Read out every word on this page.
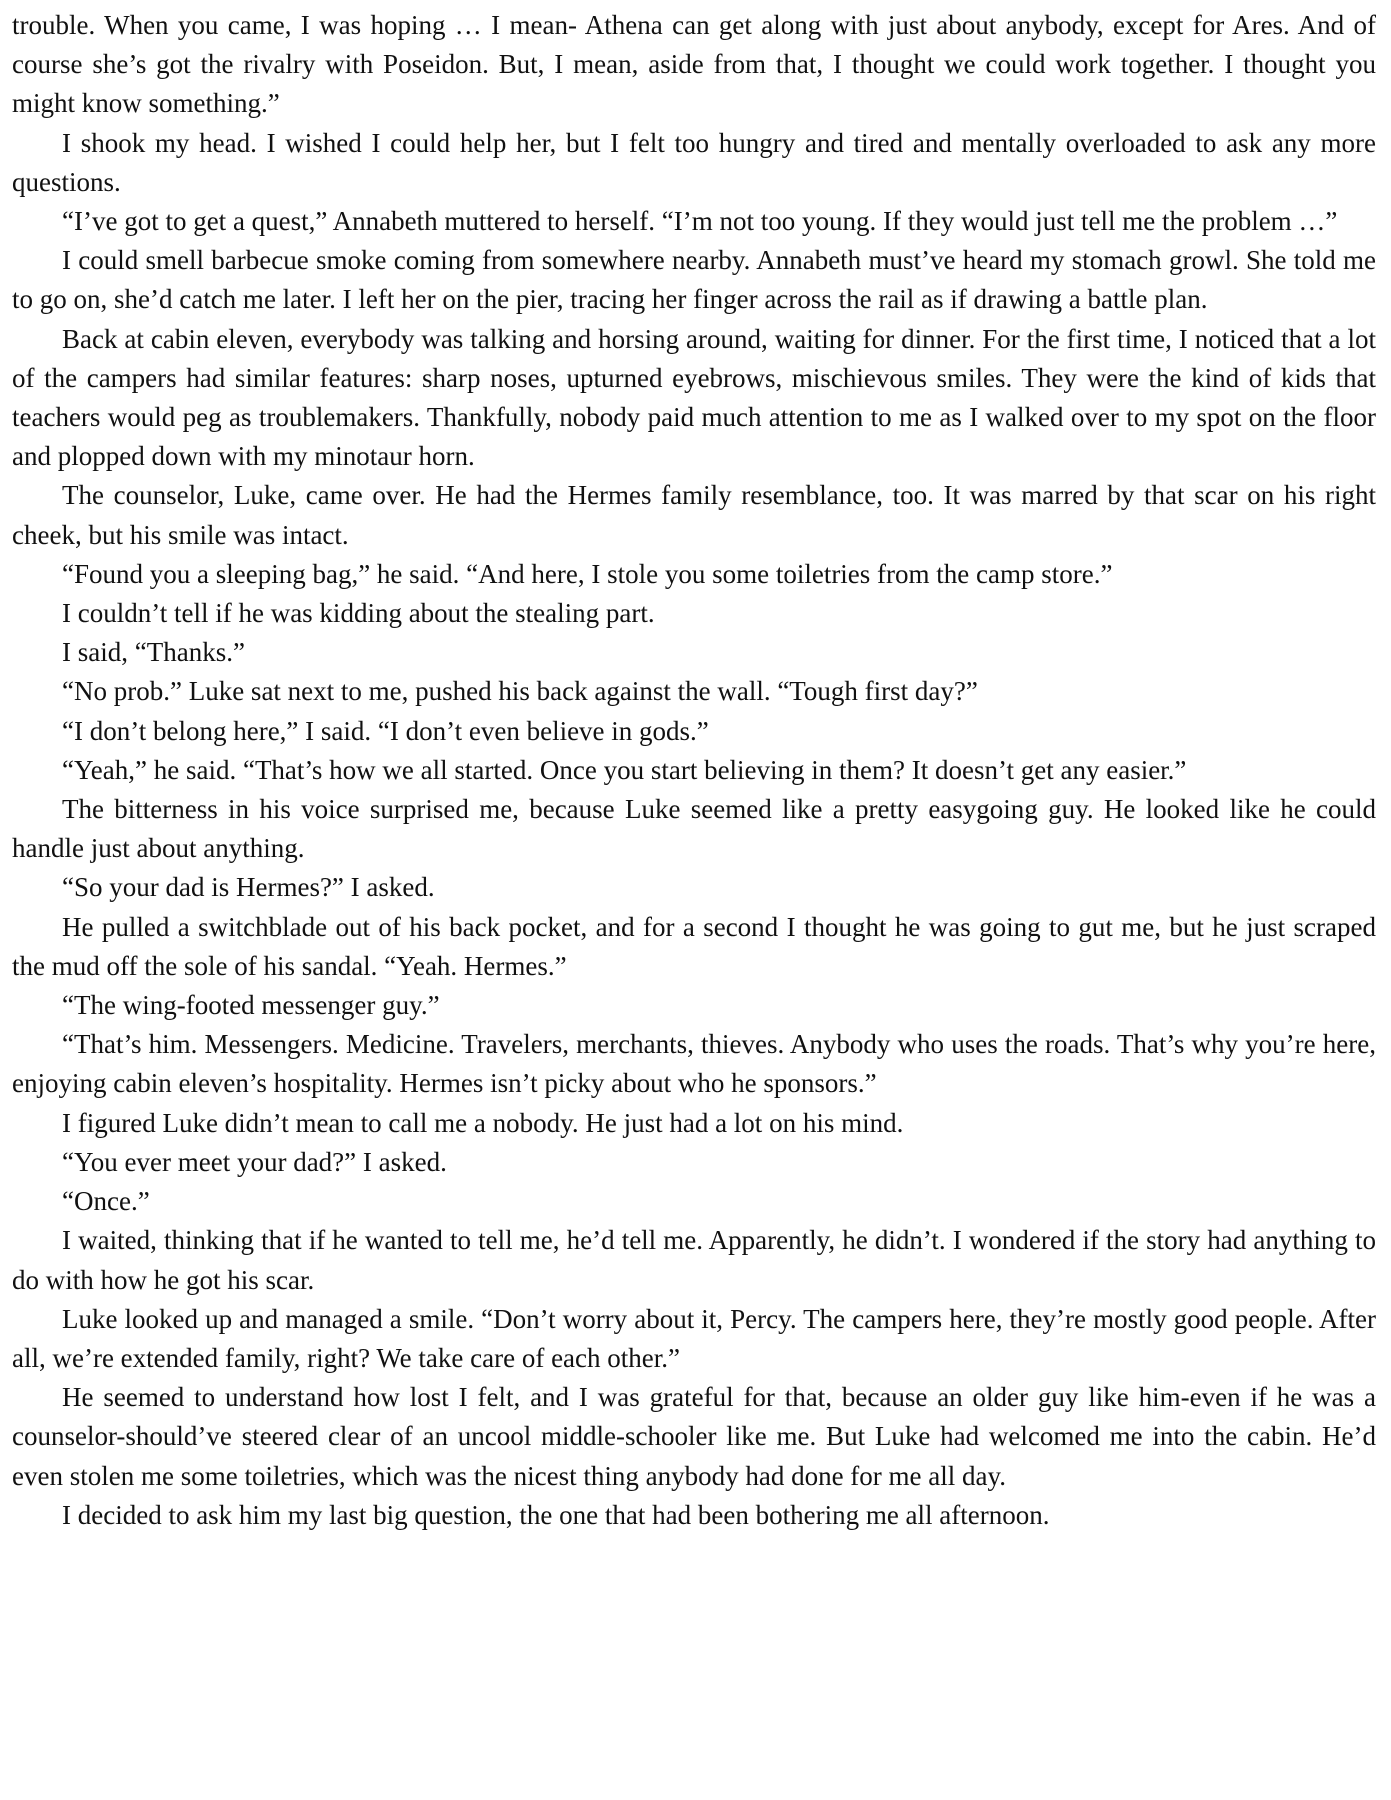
trouble. When you came, I was hoping … I mean- Athena can get along with just about anybody, except for Ares. And of course she’s got the rivalry with Poseidon. But, I mean, aside from that, I thought we could work together. I thought you might know something.”

I shook my head. I wished I could help her, but I felt too hungry and tired and mentally overloaded to ask any more questions.

“I’ve got to get a quest,” Annabeth muttered to herself. “I’m not too young. If they would just tell me the problem …”

I could smell barbecue smoke coming from somewhere nearby. Annabeth must’ve heard my stomach growl. She told me to go on, she’d catch me later. I left her on the pier, tracing her finger across the rail as if drawing a battle plan.

Back at cabin eleven, everybody was talking and horsing around, waiting for dinner. For the first time, I noticed that a lot of the campers had similar features: sharp noses, upturned eyebrows, mischievous smiles. They were the kind of kids that teachers would peg as troublemakers. Thankfully, nobody paid much attention to me as I walked over to my spot on the floor and plopped down with my minotaur horn.

The counselor, Luke, came over. He had the Hermes family resemblance, too. It was marred by that scar on his right cheek, but his smile was intact.

“Found you a sleeping bag,” he said. “And here, I stole you some toiletries from the camp store.”

I couldn’t tell if he was kidding about the stealing part.

I said, “Thanks.”

“No prob.” Luke sat next to me, pushed his back against the wall. “Tough first day?”

“I don’t belong here,” I said. “I don’t even believe in gods.”

“Yeah,” he said. “That’s how we all started. Once you start believing in them? It doesn’t get any easier.”

The bitterness in his voice surprised me, because Luke seemed like a pretty easygoing guy. He looked like he could handle just about anything.

“So your dad is Hermes?” I asked.

He pulled a switchblade out of his back pocket, and for a second I thought he was going to gut me, but he just scraped the mud off the sole of his sandal. “Yeah. Hermes.”

“The wing-footed messenger guy.”

“That’s him. Messengers. Medicine. Travelers, merchants, thieves. Anybody who uses the roads. That’s why you’re here, enjoying cabin eleven’s hospitality. Hermes isn’t picky about who he sponsors.”

I figured Luke didn’t mean to call me a nobody. He just had a lot on his mind.

“You ever meet your dad?” I asked.

“Once.”

I waited, thinking that if he wanted to tell me, he’d tell me. Apparently, he didn’t. I wondered if the story had anything to do with how he got his scar.

Luke looked up and managed a smile. “Don’t worry about it, Percy. The campers here, they’re mostly good people. After all, we’re extended family, right? We take care of each other.”

He seemed to understand how lost I felt, and I was grateful for that, because an older guy like him-even if he was a counselor-should’ve steered clear of an uncool middle-schooler like me. But Luke had welcomed me into the cabin. He’d even stolen me some toiletries, which was the nicest thing anybody had done for me all day.

I decided to ask him my last big question, the one that had been bothering me all afternoon.
